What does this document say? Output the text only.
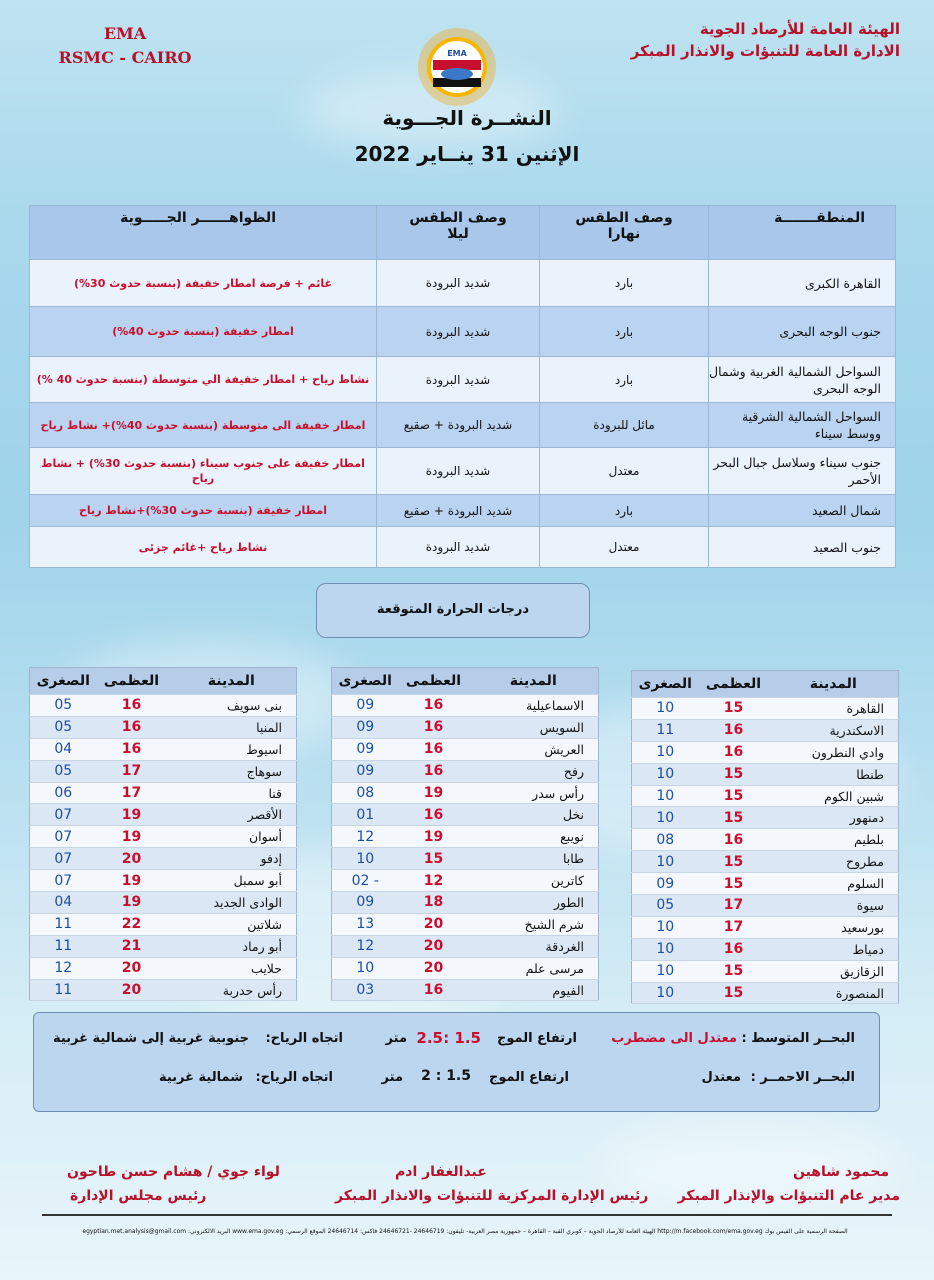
EMA
RSMC - CAIRO
الهيئة العامة للأرصاد الجوية
الادارة العامة للتنبؤات والانذار المبكر
EMA
النشــرة الجـــوية
الإثنين 31 ينــاير 2022
المنطقـــــــة	وصف الطقس نهارا	وصف الطقس ليلا	الظواهــــــر الجـــــوية
القاهرة الكبرى	بارد	شديد البرودة	غائم + فرصة امطار خفيفة (بنسبة حدوث 30%)
جنوب الوجه البحرى	بارد	شديد البرودة	امطار خفيفة (بنسبة حدوث 40%)
السواحل الشمالية الغربية وشمال الوجه البحرى	بارد	شديد البرودة	نشاط رياح + امطار خفيفة الي متوسطة (بنسبة حدوث 40 %)
السواحل الشمالية الشرقية ووسط سيناء	مائل للبرودة	شديد البرودة + صقيع	امطار خفيفة الى متوسطة (بنسبة حدوث 40%)+ نشاط رياح
جنوب سيناء وسلاسل جبال البحر الأحمر	معتدل	شديد البرودة	امطار خفيفة على جنوب سيناء (بنسبة حدوث 30%) + نشاط رياح
شمال الصعيد	بارد	شديد البرودة + صقيع	امطار خفيفة (بنسبة حدوث 30%)+نشاط رياح
جنوب الصعيد	معتدل	شديد البرودة	نشاط رياح +غائم جزئى
درجات الحرارة المتوقعة
المدينة	العظمى	الصغرى
القاهرة	15	10
الاسكندرية	16	11
وادي النطرون	16	10
طنطا	15	10
شبين الكوم	15	10
دمنهور	15	10
بلطيم	16	08
مطروح	15	10
السلوم	15	09
سيوة	17	05
بورسعيد	17	10
دمياط	16	10
الزقازيق	15	10
المنصورة	15	10
المدينة	العظمى	الصغرى
الاسماعيلية	16	09
السويس	16	09
العريش	16	09
رفح	16	09
رأس سدر	19	08
نخل	16	01
نويبع	19	12
طابا	15	10
كاترين	12	- 02
الطور	18	09
شرم الشيخ	20	13
الغردقة	20	12
مرسى علم	20	10
الفيوم	16	03
المدينة	العظمى	الصغرى
بنى سويف	16	05
المنيا	16	05
اسيوط	16	04
سوهاج	17	05
قنا	17	06
الأقصر	19	07
أسوان	19	07
إدفو	20	07
أبو سمبل	19	07
الوادى الجديد	19	04
شلاتين	22	11
أبو رماد	21	11
حلايب	20	12
رأس حدربة	20	11
البحــر المتوسط :
معتدل الى مضطرب
ارتفاع الموج
1.5 :
2.5
متر
اتجاه الرياح:
جنوبية غربية إلى شمالية غربية
البحــر الاحمــر :
معتدل
ارتفاع الموج
1.5 : 2
متر
اتجاه الرياح:
شمالية غربية
محمود شاهين
مدير عام التنبؤات والإنذار المبكر
عبدالغفار ادم
رئيس الإدارة المركزية للتنبؤات والانذار المبكر
لواء جوي / هشام حسن طاحون
رئيس مجلس الإدارة
الصفحة الرسمية على الفيس بوك http://m.facebook.com/ema.gov.eg الهيئة العامة للأرصاد الجوية – كوبري القبة – القاهرة – جمهورية مصر العربية- تليفون: 24646719 -24646721 فاكس: 24646714 الموقع الرسمي: www.ema.gov.eg البريد الالكتروني: egyptian.met.analysis@gmail.com
